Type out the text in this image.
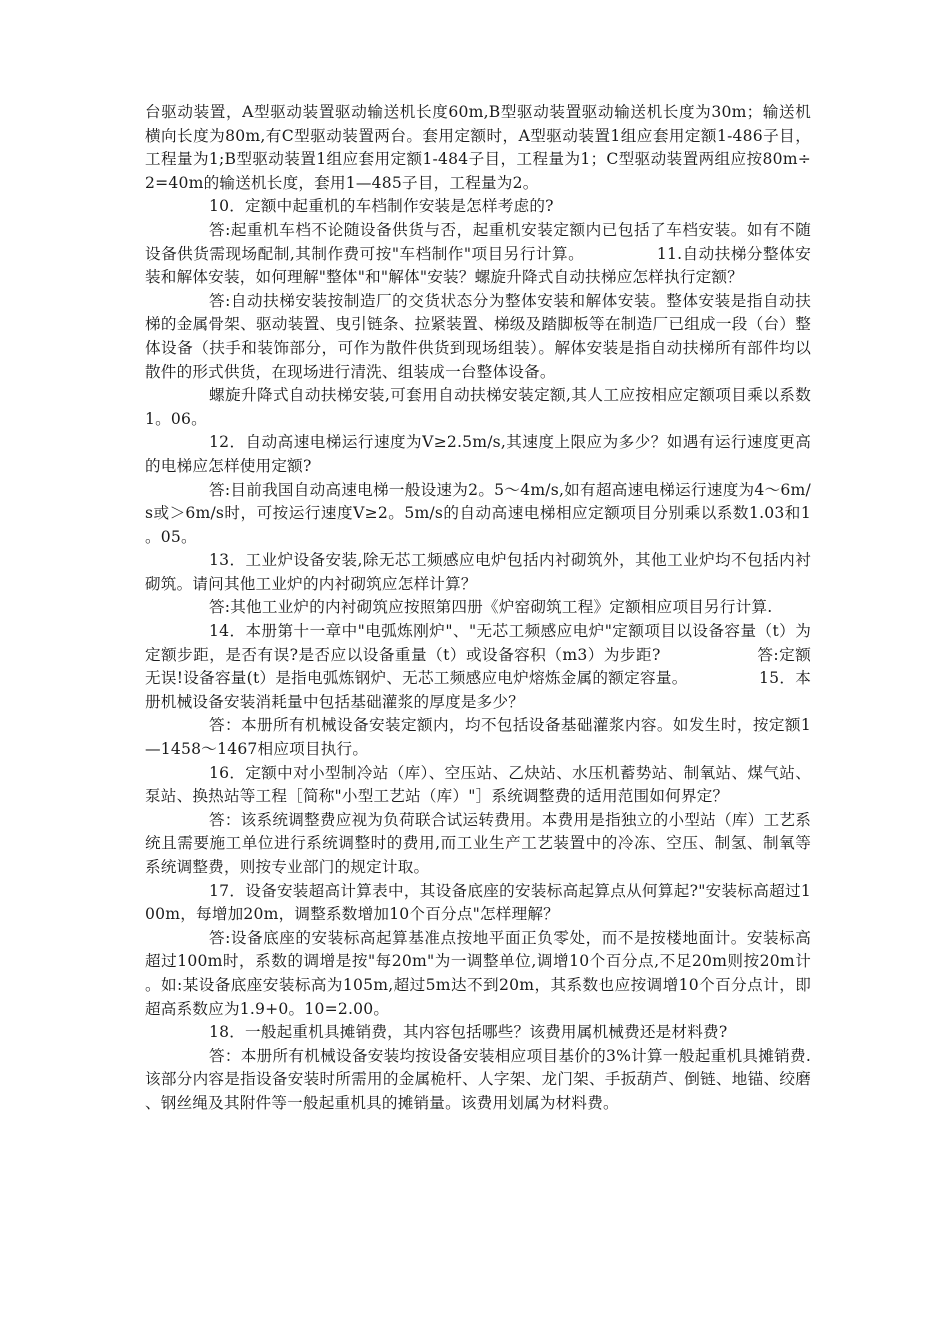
台驱动装置，A型驱动装置驱动输送机长度60m,B型驱动装置驱动输送机长度为30m；输送机横向长度为80m,有C型驱动装置两台。套用定额时，A型驱动装置1组应套用定额1-486子目，工程量为1;B型驱动装置1组应套用定额1-484子目，工程量为1；C型驱动装置两组应按80m÷2=40m的输送机长度，套用1—485子目，工程量为2。

10．定额中起重机的车档制作安装是怎样考虑的?

答:起重机车档不论随设备供货与否，起重机安装定额内已包括了车档安装。如有不随设备供货需现场配制,其制作费可按"车档制作"项目另行计算。　　　　　11.自动扶梯分整体安装和解体安装，如何理解"整体"和"解体"安装？螺旋升降式自动扶梯应怎样执行定额？

答:自动扶梯安装按制造厂的交货状态分为整体安装和解体安装。整体安装是指自动扶梯的金属骨架、驱动装置、曳引链条、拉紧装置、梯级及踏脚板等在制造厂已组成一段（台）整体设备（扶手和装饰部分，可作为散件供货到现场组装）。解体安装是指自动扶梯所有部件均以散件的形式供货，在现场进行清洗、组装成一台整体设备。

螺旋升降式自动扶梯安装,可套用自动扶梯安装定额,其人工应按相应定额项目乘以系数1。06。

12．自动高速电梯运行速度为V≥2.5m/s,其速度上限应为多少？如遇有运行速度更高的电梯应怎样使用定额?

答:目前我国自动高速电梯一般设速为2。5～4m/s,如有超高速电梯运行速度为4～6m/s或＞6m/s时，可按运行速度V≥2。5m/s的自动高速电梯相应定额项目分别乘以系数1.03和1。05。

13．工业炉设备安装,除无芯工频感应电炉包括内衬砌筑外，其他工业炉均不包括内衬砌筑。请问其他工业炉的内衬砌筑应怎样计算？

答:其他工业炉的内衬砌筑应按照第四册《炉窑砌筑工程》定额相应项目另行计算.

14．本册第十一章中"电弧炼刚炉"、"无芯工频感应电炉"定额项目以设备容量（t）为定额步距，是否有误?是否应以设备重量（t）或设备容积（m3）为步距?　　　　　　答:定额无误!设备容量(t）是指电弧炼钢炉、无芯工频感应电炉熔炼金属的额定容量。　　　　　15．本册机械设备安装消耗量中包括基础灌浆的厚度是多少？

答：本册所有机械设备安装定额内，均不包括设备基础灌浆内容。如发生时，按定额1—1458～1467相应项目执行。

16．定额中对小型制冷站（库）、空压站、乙炔站、水压机蓄势站、制氧站、煤气站、泵站、换热站等工程［简称"小型工艺站（库）"］系统调整费的适用范围如何界定？

答：该系统调整费应视为负荷联合试运转费用。本费用是指独立的小型站（库）工艺系统且需要施工单位进行系统调整时的费用,而工业生产工艺装置中的冷冻、空压、制氢、制氧等系统调整费，则按专业部门的规定计取。

17．设备安装超高计算表中，其设备底座的安装标高起算点从何算起?"安装标高超过100m，每增加20m，调整系数增加10个百分点"怎样理解？

答:设备底座的安装标高起算基准点按地平面正负零处，而不是按楼地面计。安装标高超过100m时，系数的调增是按"每20m"为一调整单位,调增10个百分点,不足20m则按20m计。如:某设备底座安装标高为105m,超过5m达不到20m，其系数也应按调增10个百分点计，即超高系数应为1.9+0。10=2.00。

18．一般起重机具摊销费，其内容包括哪些？该费用属机械费还是材料费?

答：本册所有机械设备安装均按设备安装相应项目基价的3%计算一般起重机具摊销费.该部分内容是指设备安装时所需用的金属桅杆、人字架、龙门架、手扳葫芦、倒链、地锚、绞磨、钢丝绳及其附件等一般起重机具的摊销量。该费用划属为材料费。
